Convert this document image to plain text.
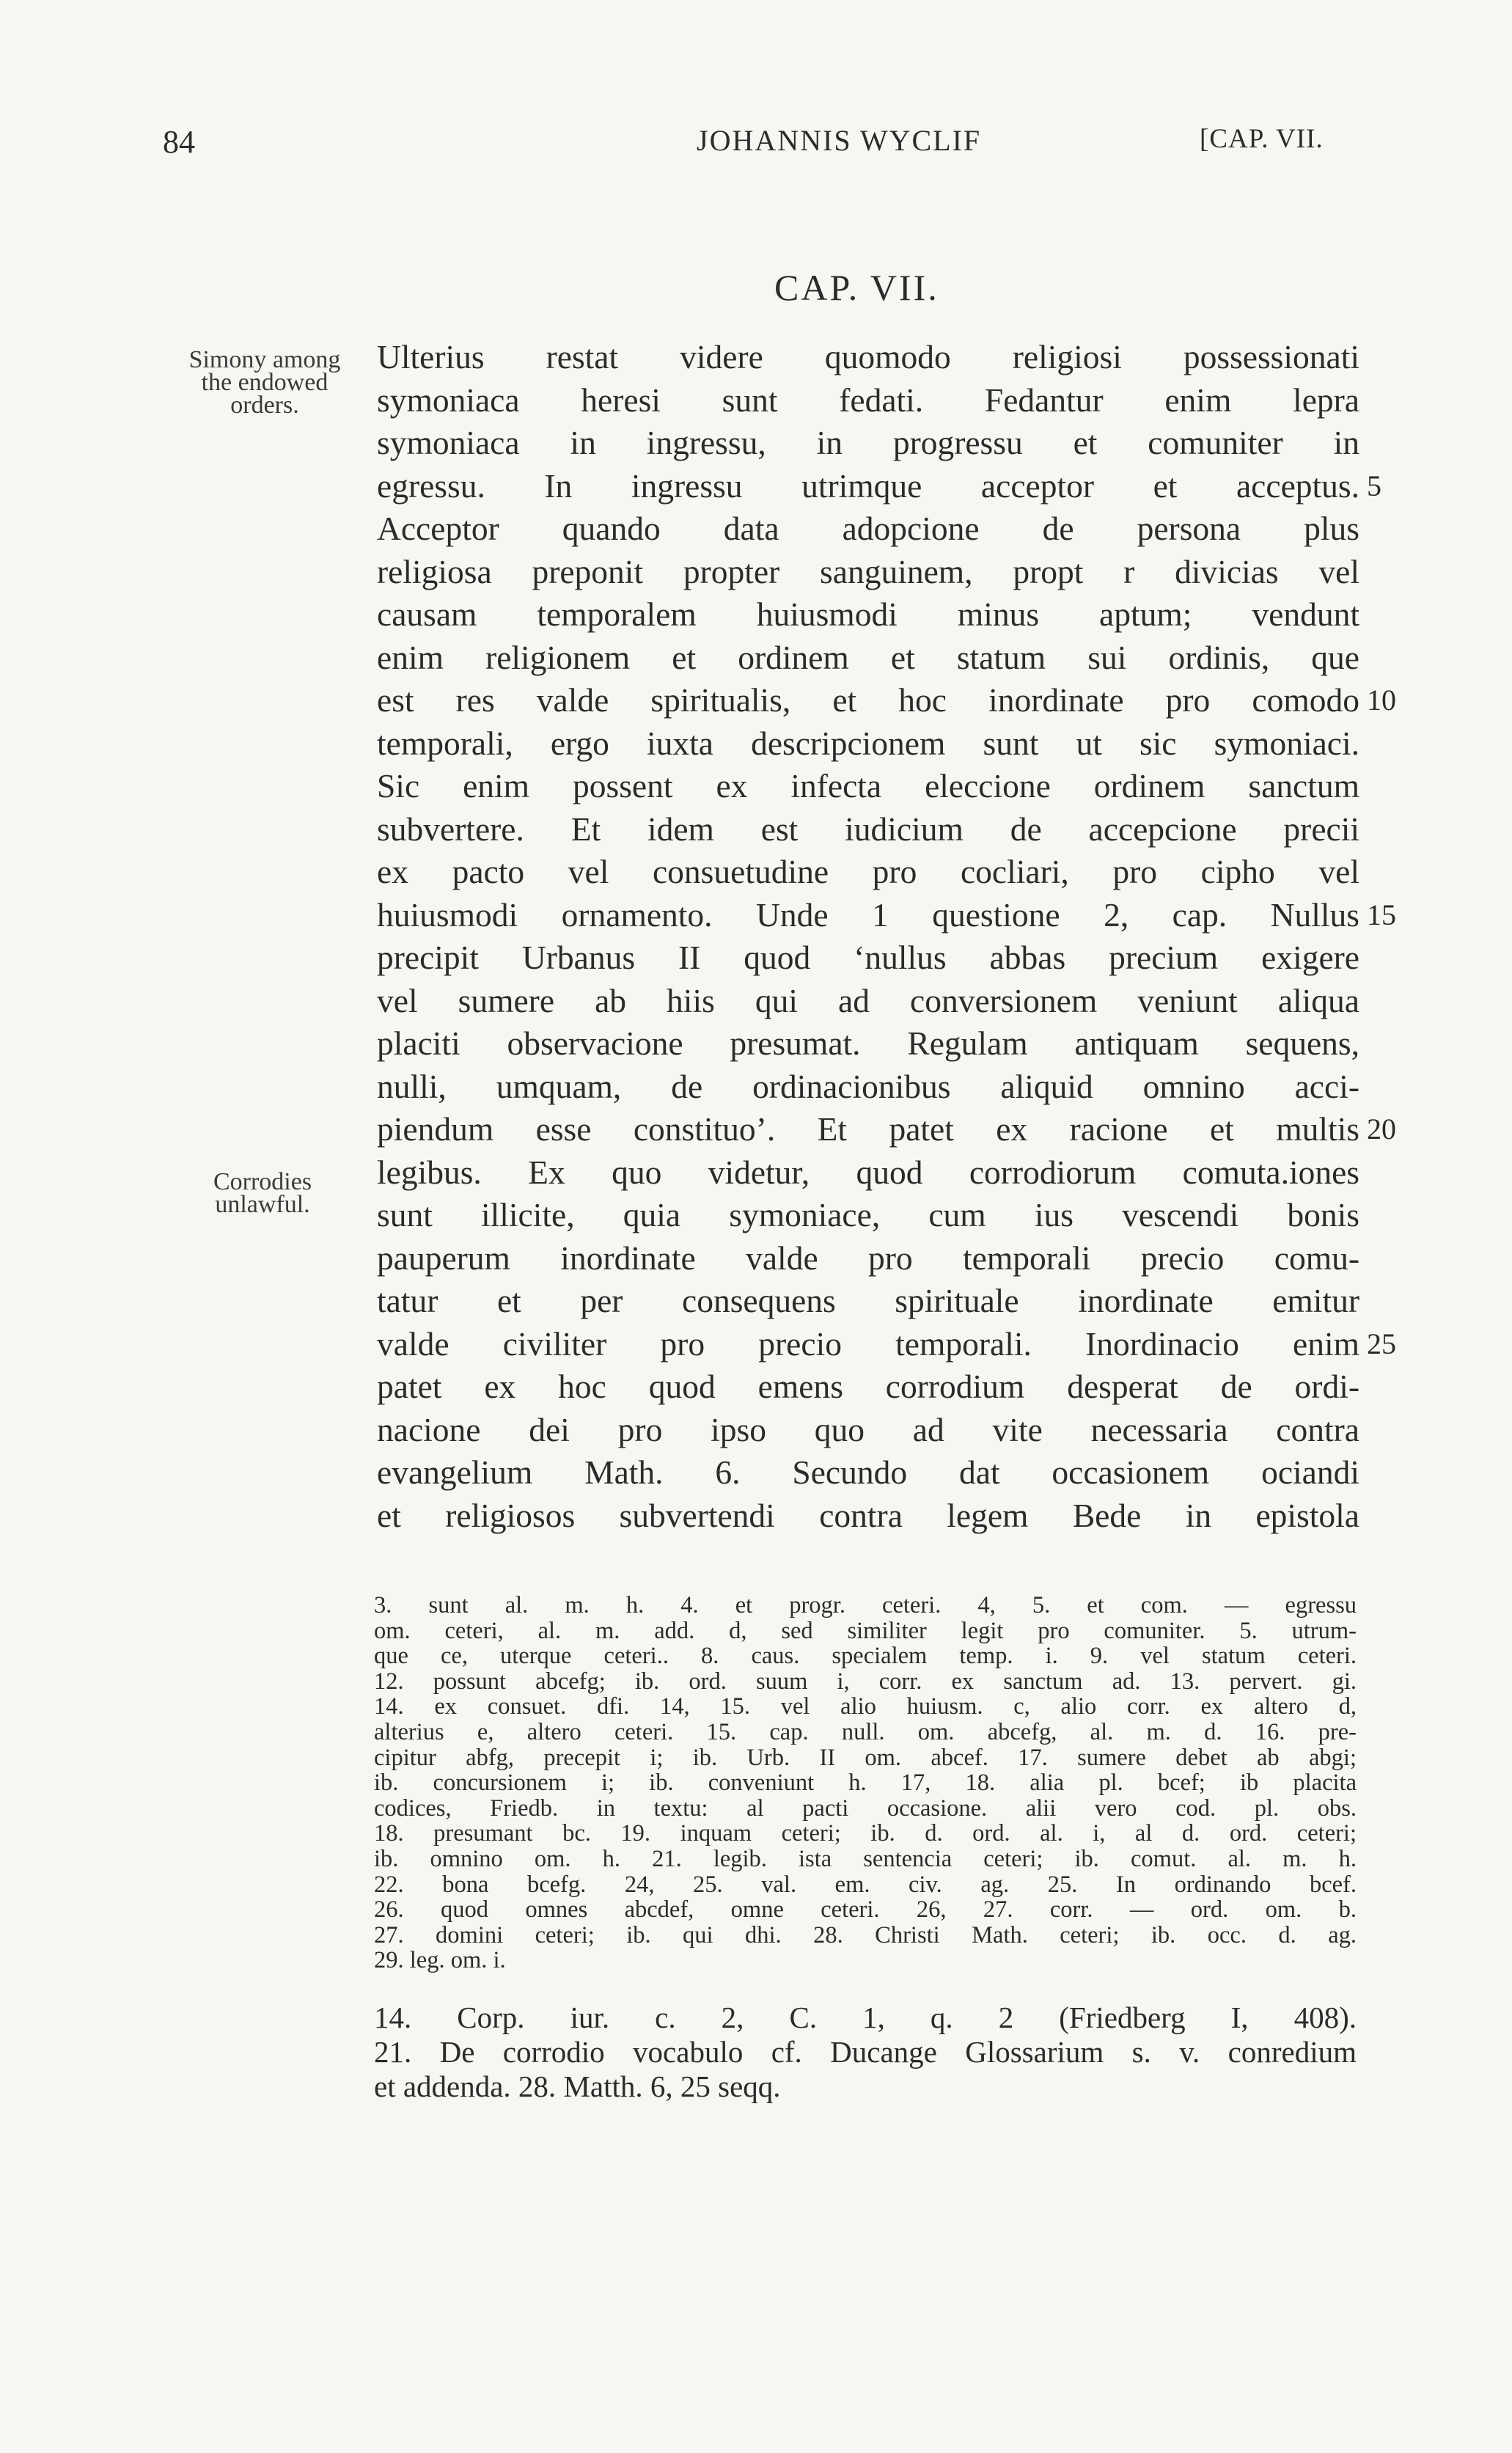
84	JOHANNIS WYCLIF	[CAP. VII.
CAP. VII.
Simony among
the endowed
orders.
Corrodies
unlawful.
Ulterius restat videre quomodo religiosi possessionati
symoniaca heresi sunt fedati. Fedantur enim lepra
symoniaca in ingressu, in progressu et comuniter in
egressu. In ingressu utrimque acceptor et acceptus. 5
Acceptor quando data adopcione de persona plus
religiosa preponit propter sanguinem, propt r divicias vel
causam temporalem huiusmodi minus aptum; vendunt
enim religionem et ordinem et statum sui ordinis, que
est res valde spiritualis, et hoc inordinate pro comodo 10
temporali, ergo iuxta descripcionem sunt ut sic symoniaci.
Sic enim possent ex infecta eleccione ordinem sanctum
subvertere. Et idem est iudicium de accepcione precii
ex pacto vel consuetudine pro cocliari, pro cipho vel
huiusmodi ornamento. Unde 1 questione 2, cap. Nullus 15
precipit Urbanus II quod ‘nullus abbas precium exigere
vel sumere ab hiis qui ad conversionem veniunt aliqua
placiti observacione presumat. Regulam antiquam sequens,
nulli, umquam, de ordinacionibus aliquid omnino acci-
piendum esse constituo’. Et patet ex racione et multis 20
legibus. Ex quo videtur, quod corrodiorum comuta.iones
sunt illicite, quia symoniace, cum ius vescendi bonis
pauperum inordinate valde pro temporali precio comu-
tatur et per consequens spirituale inordinate emitur
valde civiliter pro precio temporali. Inordinacio enim 25
patet ex hoc quod emens corrodium desperat de ordi-
nacione dei pro ipso quo ad vite necessaria contra
evangelium Math. 6. Secundo dat occasionem ociandi
et religiosos subvertendi contra legem Bede in epistola
3. sunt al. m. h. 4. et progr. ceteri. 4, 5. et com. — egressu
om. ceteri, al. m. add. d, sed similiter legit pro comuniter. 5. utrum-
que ce, uterque ceteri.. 8. caus. specialem temp. i. 9. vel statum ceteri.
12. possunt abcefg; ib. ord. suum i, corr. ex sanctum ad. 13. pervert. gi.
14. ex consuet. dfi. 14, 15. vel alio huiusm. c, alio corr. ex altero d,
alterius e, altero ceteri. 15. cap. null. om. abcefg, al. m. d. 16. pre-
cipitur abfg, precepit i; ib. Urb. II om. abcef. 17. sumere debet ab abgi;
ib. concursionem i; ib. conveniunt h. 17, 18. alia pl. bcef; ib placita
codices, Friedb. in textu: al pacti occasione. alii vero cod. pl. obs.
18. presumant bc. 19. inquam ceteri; ib. d. ord. al. i, al d. ord. ceteri;
ib. omnino om. h. 21. legib. ista sentencia ceteri; ib. comut. al. m. h.
22. bona bcefg. 24, 25. val. em. civ. ag. 25. In ordinando bcef.
26. quod omnes abcdef, omne ceteri. 26, 27. corr. — ord. om. b.
27. domini ceteri; ib. qui dhi. 28. Christi Math. ceteri; ib. occ. d. ag.
29. leg. om. i.
14. Corp. iur. c. 2, C. 1, q. 2 (Friedberg I, 408).
21. De corrodio vocabulo cf. Ducange Glossarium s. v. conredium
et addenda. 28. Matth. 6, 25 seqq.
